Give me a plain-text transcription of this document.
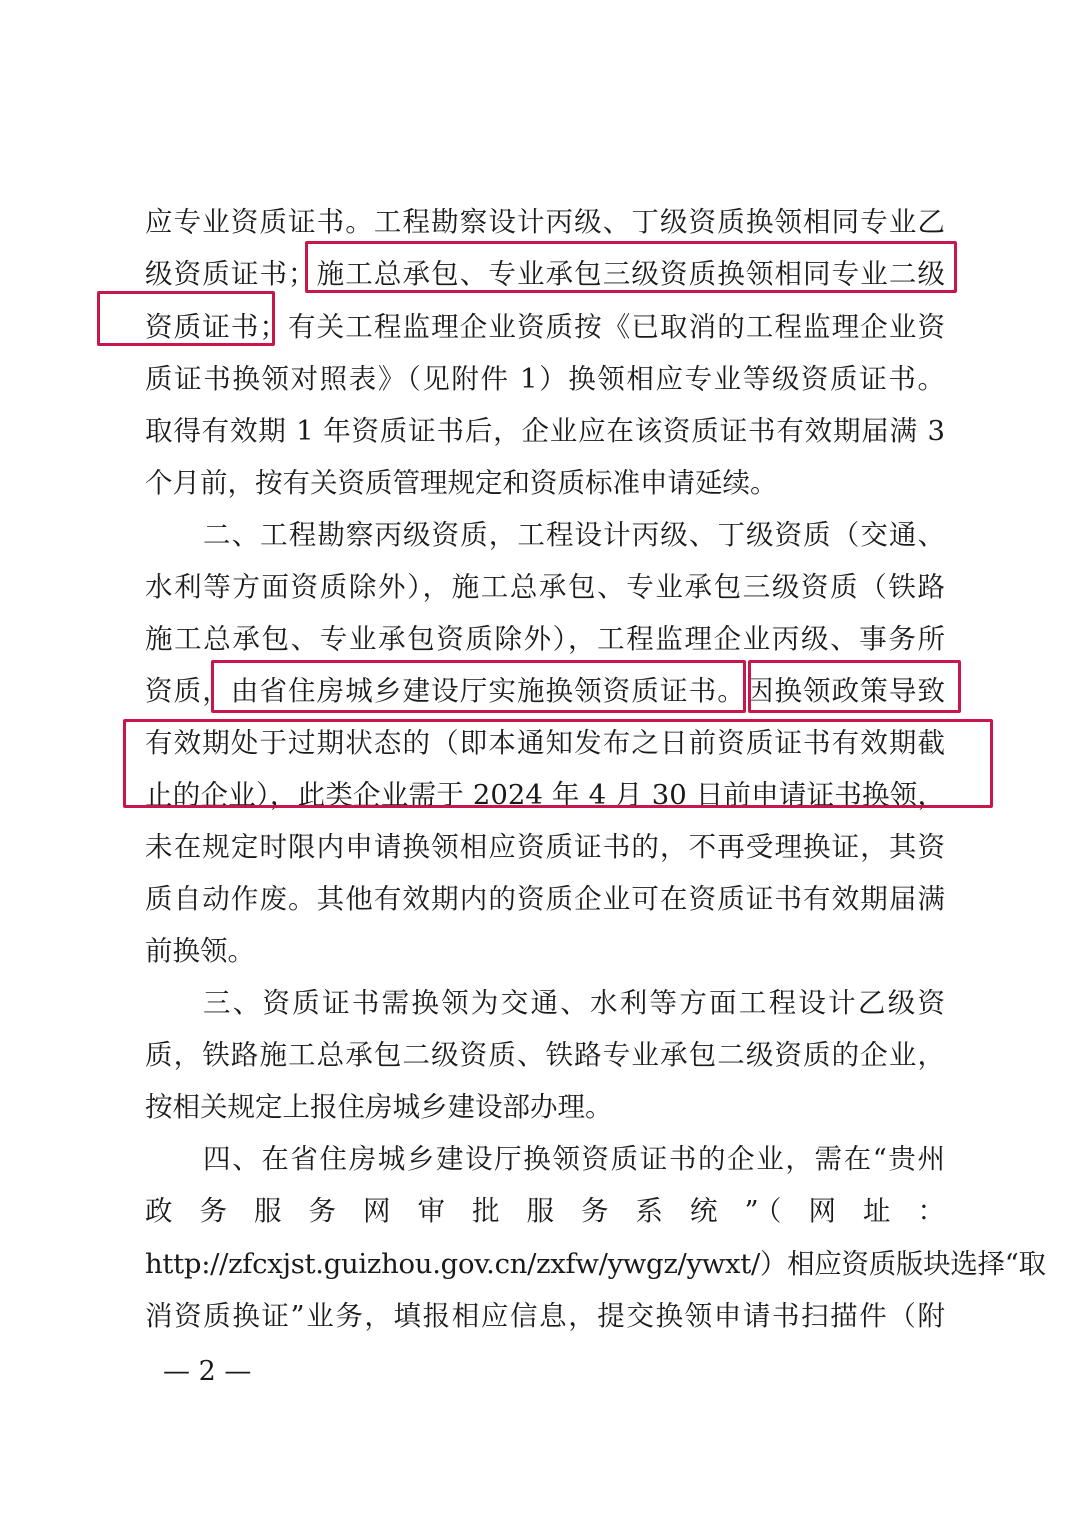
应专业资质证书。工程勘察设计丙级、丁级资质换领相同专业乙
级资质证书；施工总承包、专业承包三级资质换领相同专业二级
资质证书；有关工程监理企业资质按《已取消的工程监理企业资
质证书换领对照表》（见附件 1）换领相应专业等级资质证书。
取得有效期 1 年资质证书后，企业应在该资质证书有效期届满 3
个月前，按有关资质管理规定和资质标准申请延续。
二、工程勘察丙级资质，工程设计丙级、丁级资质（交通、
水利等方面资质除外），施工总承包、专业承包三级资质（铁路
施工总承包、专业承包资质除外），工程监理企业丙级、事务所
资质，由省住房城乡建设厅实施换领资质证书。因换领政策导致
有效期处于过期状态的（即本通知发布之日前资质证书有效期截
止的企业），此类企业需于 2024 年 4 月 30 日前申请证书换领，
未在规定时限内申请换领相应资质证书的，不再受理换证，其资
质自动作废。其他有效期内的资质企业可在资质证书有效期届满
前换领。
三、资质证书需换领为交通、水利等方面工程设计乙级资
质，铁路施工总承包二级资质、铁路专业承包二级资质的企业，
按相关规定上报住房城乡建设部办理。
四、在省住房城乡建设厅换领资质证书的企业，需在“贵州
政 务 服 务 网 审 批 服 务 系 统 ”（ 网 址 ：
http://zfcxjst.guizhou.gov.cn/zxfw/ywgz/ywxt/）相应资质版块选择“取
消资质换证”业务，填报相应信息，提交换领申请书扫描件（附
— 2 —
